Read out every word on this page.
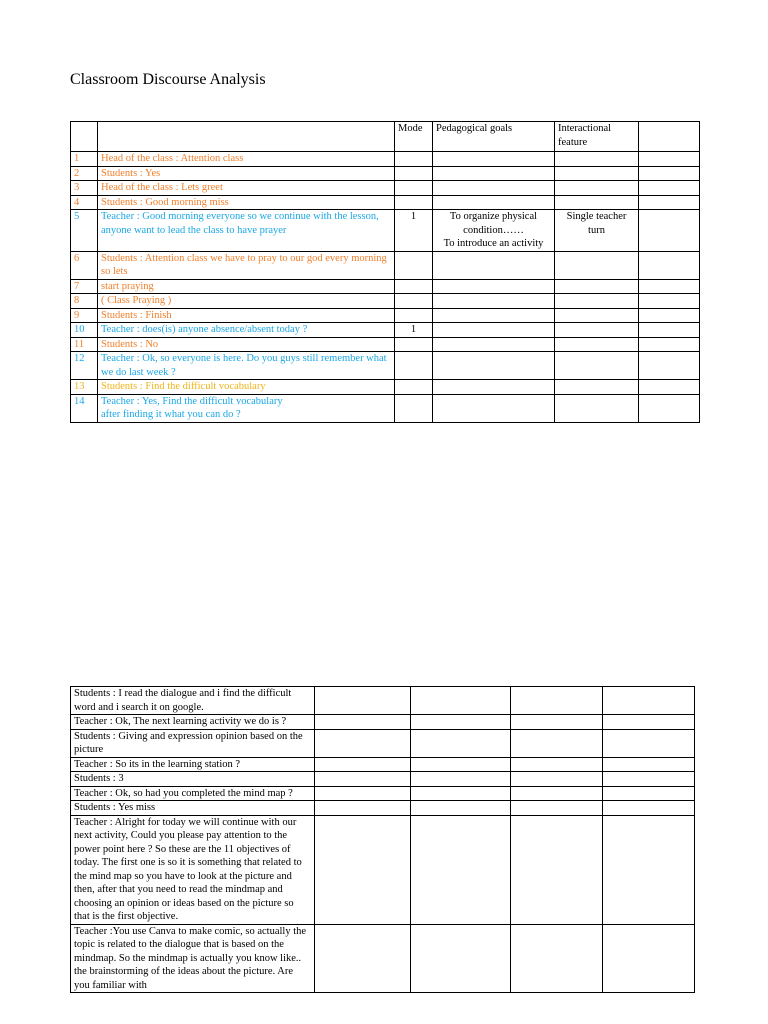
Classroom Discourse Analysis
		Mode	Pedagogical goals	Interactional feature	
1	Head of the class : Attention class				
2	Students : Yes				
3	Head of the class : Lets greet				
4	Students : Good morning miss				
5	Teacher : Good morning everyone so we continue with the lesson, anyone want to lead the class to have prayer	1	To organize physical condition……
To introduce an activity	Single teacher turn	
6	Students : Attention class we have to pray to our god every morning so lets				
7	start praying				
8	( Class Praying )				
9	Students : Finish				
10	Teacher : does(is) anyone absence/absent today ?	1			
11	Students : No				
12	Teacher : Ok, so everyone is here. Do you guys still remember what we do last week ?				
13	Students : Find the difficult vocabulary				
14	Teacher : Yes, Find the difficult vocabulary
after finding it what you can do ?				
Students : I read the dialogue and i find the difficult word and i search it on google.				
Teacher : Ok, The next learning activity we do is ?				
Students : Giving and expression opinion based on the picture				
Teacher : So its in the learning station ?				
Students : 3				
Teacher : Ok, so had you completed the mind map ?				
Students : Yes miss				
Teacher : Alright for today we will continue with our next activity, Could you please pay attention to the power point here ? So these are the 11 objectives of today. The first one is so it is something that related to the mind map so you have to look at the picture and then, after that you need to read the mindmap and choosing an opinion or ideas based on the picture so that is the first objective.				
Teacher :You use Canva to make comic, so actually the topic is related to the dialogue that is based on the mindmap. So the mindmap is actually you know like.. the brainstorming of the ideas about the picture. Are you familiar with				
